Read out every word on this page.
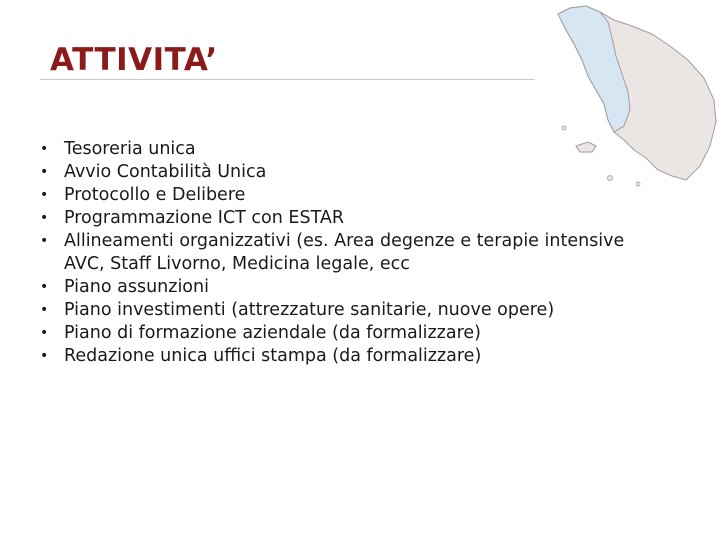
ATTIVITA’
• Tesoreria unica
• Avvio Contabilità Unica
• Protocollo e Delibere
• Programmazione ICT con ESTAR
• Allineamenti organizzativi (es. Area degenze e terapie intensive AVC, Staff Livorno, Medicina legale, ecc
• Piano assunzioni
• Piano investimenti (attrezzature sanitarie, nuove opere)
• Piano di formazione aziendale (da formalizzare)
• Redazione unica uffici stampa (da formalizzare)
